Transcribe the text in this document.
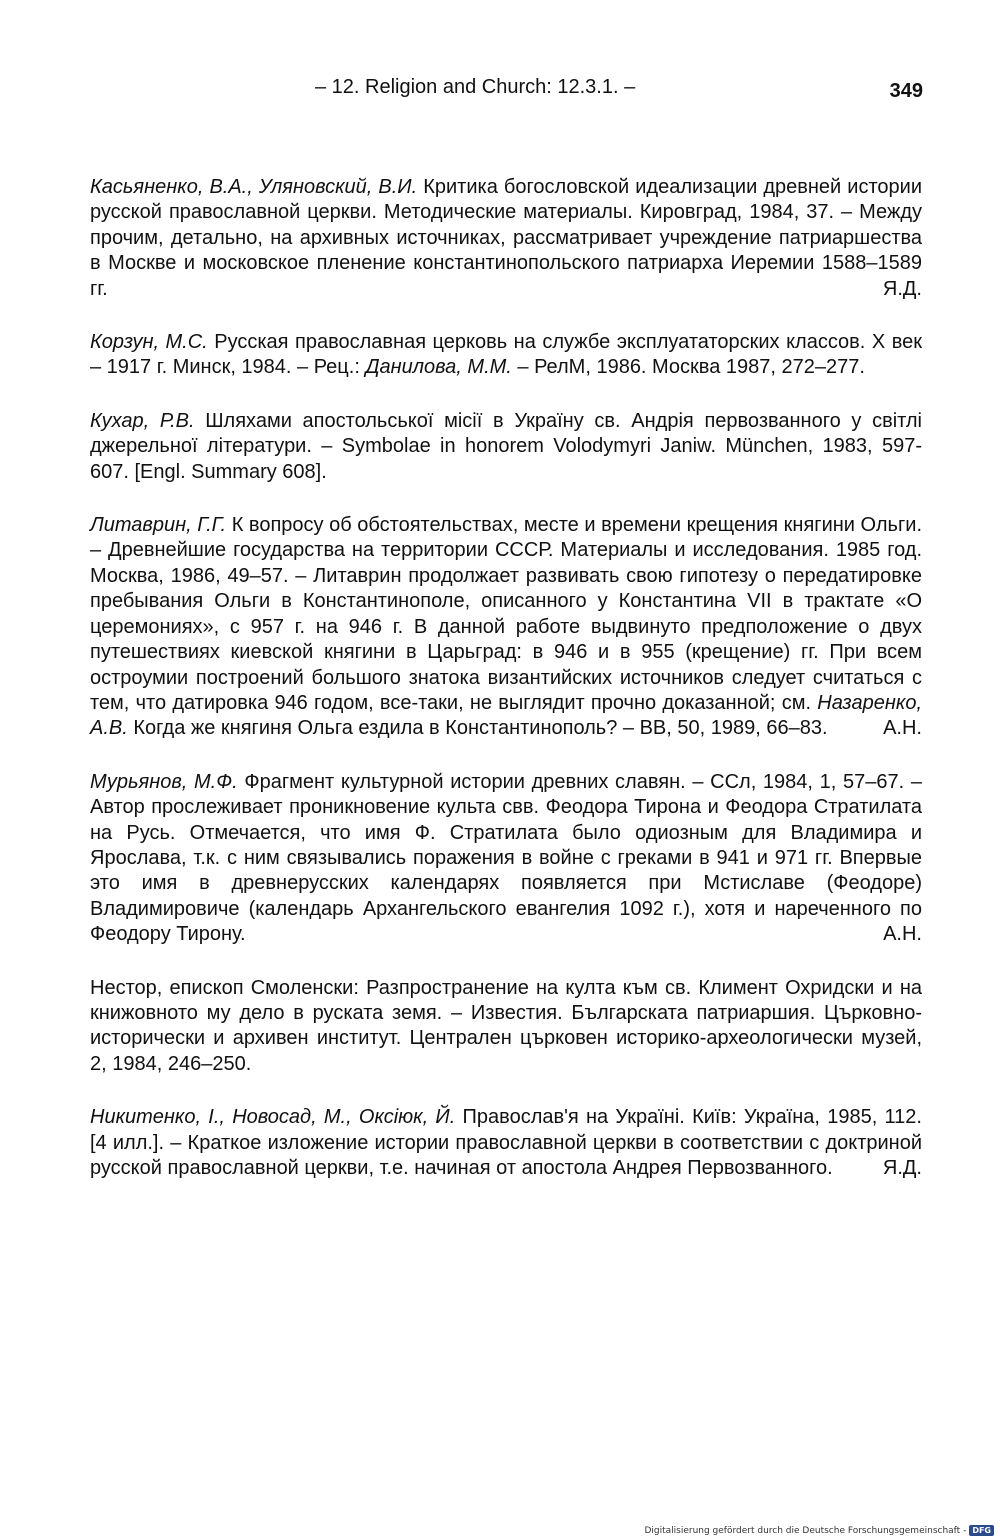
– 12. Religion and Church: 12.3.1. –	349

Касьяненко, В.А., Уляновский, В.И. Критика богословской идеализации древней истории русской православной церкви. Методические материалы. Кировград, 1984, 37. – Между прочим, детально, на архивных источниках, рассматривает учреждение патриаршества в Москве и московское пленение константинопольского патриарха Иеремии 1588–1589 гг.	Я.Д.

Корзун, М.С. Русская православная церковь на службе эксплуататорских классов. X век – 1917 г. Минск, 1984. – Рец.: Данилова, М.М. – РелМ, 1986. Москва 1987, 272–277.

Кухар, Р.В. Шляхами апостольської місії в Україну св. Андрія первозванного у світлі джерельної літератури. – Symbolae in honorem Volodymyri Janiw. München, 1983, 597-607. [Engl. Summary 608].

Литаврин, Г.Г. К вопросу об обстоятельствах, месте и времени крещения княгини Ольги. – Древнейшие государства на территории СССР. Материалы и исследования. 1985 год. Москва, 1986, 49–57. – Литаврин продолжает развивать свою гипотезу о передатировке пребывания Ольги в Константинополе, описанного у Константина VII в трактате «О церемониях», с 957 г. на 946 г. В данной работе выдвинуто предположение о двух путешествиях киевской княгини в Царьград: в 946 и в 955 (крещение) гг. При всем остроумии построений большого знатока византийских источников следует считаться с тем, что датировка 946 годом, все-таки, не выглядит прочно доказанной; см. Назаренко, А.В. Когда же княгиня Ольга ездила в Константинополь? – ВВ, 50, 1989, 66–83.	А.Н.

Мурьянов, М.Ф. Фрагмент культурной истории древних славян. – ССл, 1984, 1, 57–67. – Автор прослеживает проникновение культа свв. Феодора Тирона и Феодора Стратилата на Русь. Отмечается, что имя Ф. Стратилата было одиозным для Владимира и Ярослава, т.к. с ним связывались поражения в войне с греками в 941 и 971 гг. Впервые это имя в древнерусских календарях появляется при Мстиславе (Феодоре) Владимировиче (календарь Архангельского евангелия 1092 г.), хотя и нареченного по Феодору Тирону.	А.Н.

Нестор, епископ Смоленски: Разпространение на култа към св. Климент Охридски и на книжовното му дело в руската земя. – Известия. Българската патриаршия. Църковно-исторически и архивен институт. Централен църковен историко-археологически музей, 2, 1984, 246–250.

Никитенко, І., Новосад, М., Оксіюк, Й. Православ'я на Україні. Київ: Україна, 1985, 112. [4 илл.]. – Краткое изложение истории православной церкви в соответствии с доктриной русской православной церкви, т.е. начиная от апостола Андрея Первозванного.	Я.Д.

Digitalisierung gefördert durch die Deutsche Forschungsgemeinschaft - DFG
